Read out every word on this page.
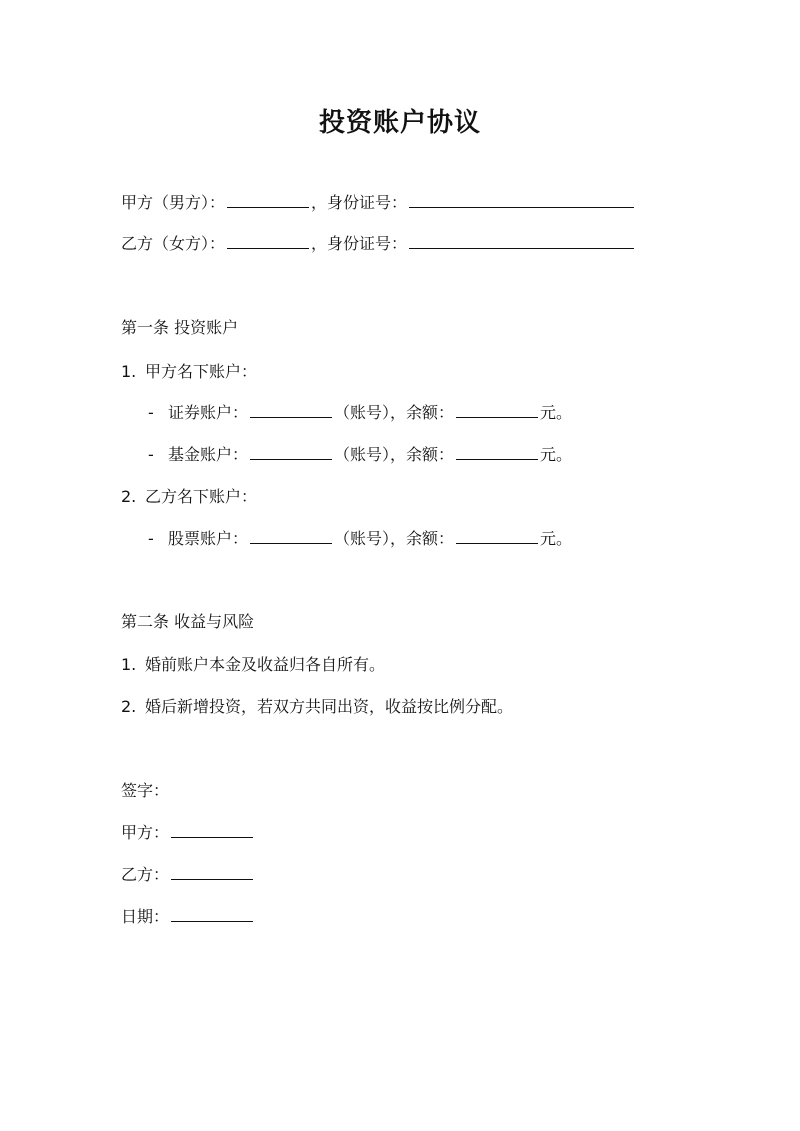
投资账户协议
甲方（男方）：	，身份证号：
乙方（女方）：	，身份证号：
第一条 投资账户
1. 甲方名下账户：
- 证券账户：	（账号），余额：	元。
- 基金账户：	（账号），余额：	元。
2. 乙方名下账户：
- 股票账户：	（账号），余额：	元。
第二条 收益与风险
1. 婚前账户本金及收益归各自所有。
2. 婚后新增投资，若双方共同出资，收益按比例分配。
签字：
甲方：
乙方：
日期：
